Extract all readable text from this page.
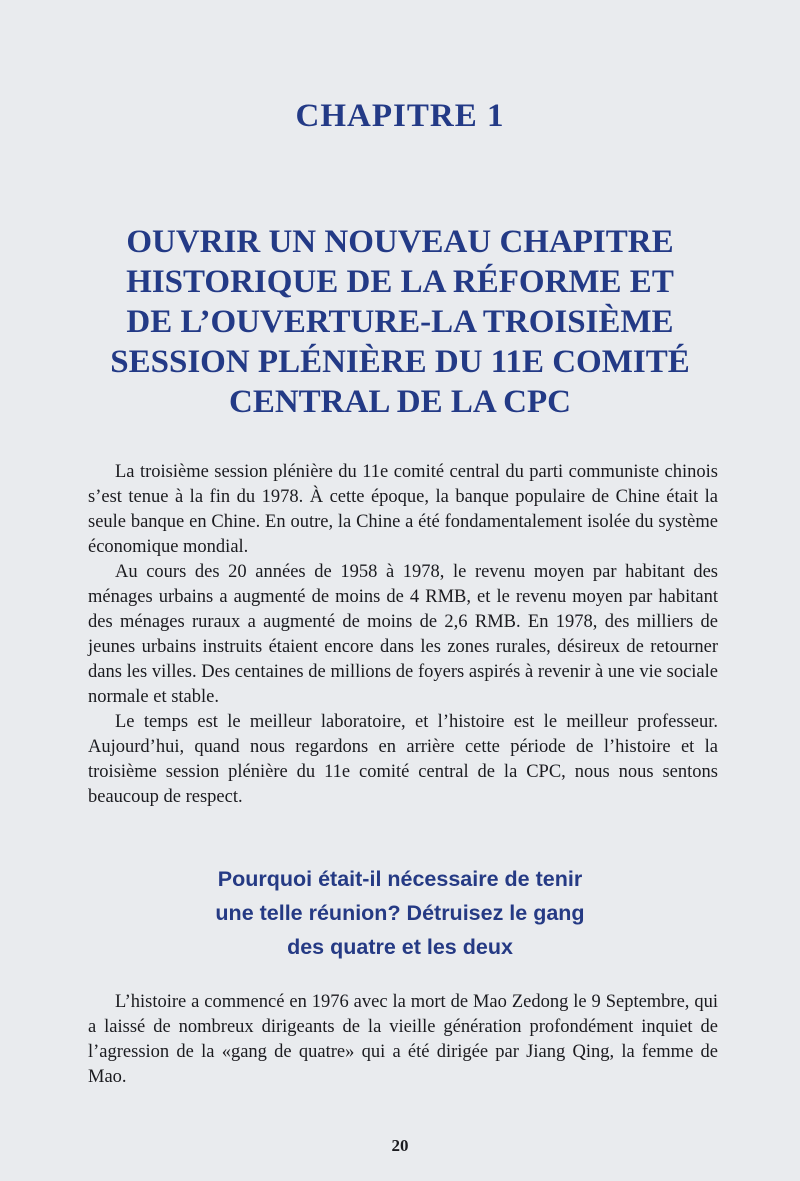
CHAPITRE 1
OUVRIR UN NOUVEAU CHAPITRE
HISTORIQUE DE LA RÉFORME ET
DE L’OUVERTURE-LA TROISIÈME
SESSION PLÉNIÈRE DU 11E COMITÉ
CENTRAL DE LA CPC

La troisième session plénière du 11e comité central du parti communiste chinois s’est tenue à la fin du 1978. À cette époque, la banque populaire de Chine était la seule banque en Chine. En outre, la Chine a été fondamentalement isolée du système économique mondial.

Au cours des 20 années de 1958 à 1978, le revenu moyen par habitant des ménages urbains a augmenté de moins de 4 RMB, et le revenu moyen par habitant des ménages ruraux a augmenté de moins de 2,6 RMB. En 1978, des milliers de jeunes urbains instruits étaient encore dans les zones rurales, désireux de retourner dans les villes. Des centaines de millions de foyers aspirés à revenir à une vie sociale normale et stable.

Le temps est le meilleur laboratoire, et l’histoire est le meilleur professeur. Aujourd’hui, quand nous regardons en arrière cette période de l’histoire et la troisième session plénière du 11e comité central de la CPC, nous nous sentons beaucoup de respect.

Pourquoi était-il nécessaire de tenir
une telle réunion? Détruisez le gang
des quatre et les deux

L’histoire a commencé en 1976 avec la mort de Mao Zedong le 9 Septembre, qui a laissé de nombreux dirigeants de la vieille génération profondément inquiet de l’agression de la «gang de quatre» qui a été dirigée par Jiang Qing, la femme de Mao.

20
